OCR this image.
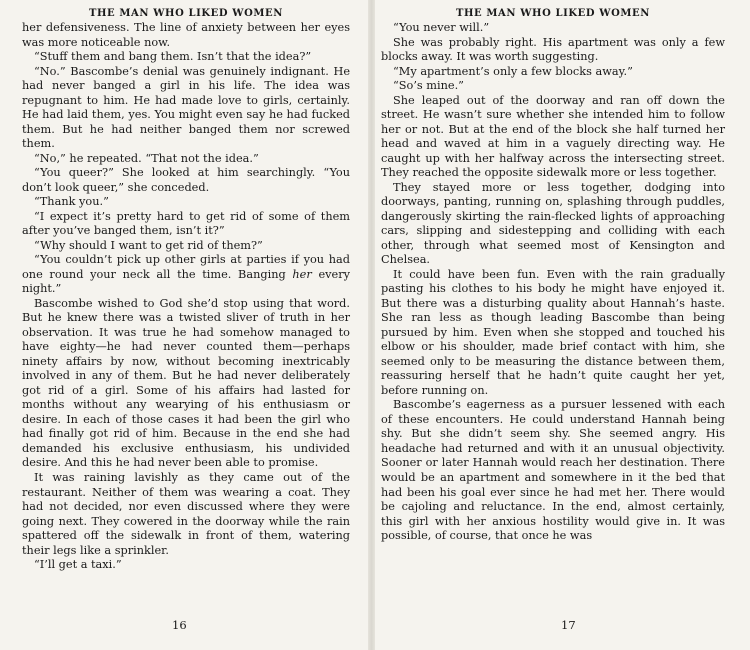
THE MAN WHO LIKED WOMEN

her defensiveness. The line of anxiety between her eyes was more noticeable now.

“Stuff them and bang them. Isn’t that the idea?”

“No.” Bascombe’s denial was genuinely indignant. He had never banged a girl in his life. The idea was repugnant to him. He had made love to girls, certainly. He had laid them, yes. You might even say he had fucked them. But he had neither banged them nor screwed them.

“No,” he repeated. “That not the idea.”

“You queer?” She looked at him searchingly. “You don’t look queer,” she conceded.

“Thank you.”

“I expect it’s pretty hard to get rid of some of them after you’ve banged them, isn’t it?”

“Why should I want to get rid of them?”

“You couldn’t pick up other girls at parties if you had one round your neck all the time. Banging her every night.”

Bascombe wished to God she’d stop using that word. But he knew there was a twisted sliver of truth in her observation. It was true he had somehow managed to have eighty—he had never counted them—perhaps ninety affairs by now, without becoming inextricably involved in any of them. But he had never deliberately got rid of a girl. Some of his affairs had lasted for months without any wearying of his enthusiasm or desire. In each of those cases it had been the girl who had finally got rid of him. Because in the end she had demanded his exclusive enthusiasm, his undivided desire. And this he had never been able to promise.

It was raining lavishly as they came out of the restaurant. Neither of them was wearing a coat. They had not decided, nor even discussed where they were going next. They cowered in the doorway while the rain spattered off the sidewalk in front of them, watering their legs like a sprinkler.

“I’ll get a taxi.”

16
THE MAN WHO LIKED WOMEN

“You never will.”

She was probably right. His apartment was only a few blocks away. It was worth suggesting.

“My apartment’s only a few blocks away.”

“So’s mine.”

She leaped out of the doorway and ran off down the street. He wasn’t sure whether she intended him to follow her or not. But at the end of the block she half turned her head and waved at him in a vaguely directing way. He caught up with her halfway across the intersecting street. They reached the opposite sidewalk more or less together.

They stayed more or less together, dodging into doorways, panting, running on, splashing through puddles, dangerously skirting the rain-flecked lights of approaching cars, slipping and sidestepping and colliding with each other, through what seemed most of Kensington and Chelsea.

It could have been fun. Even with the rain gradually pasting his clothes to his body he might have enjoyed it. But there was a disturbing quality about Hannah’s haste. She ran less as though leading Bascombe than being pursued by him. Even when she stopped and touched his elbow or his shoulder, made brief contact with him, she seemed only to be measuring the distance between them, reassuring herself that he hadn’t quite caught her yet, before running on.

Bascombe’s eagerness as a pursuer lessened with each of these encounters. He could understand Hannah being shy. But she didn’t seem shy. She seemed angry. His headache had returned and with it an unusual objectivity. Sooner or later Hannah would reach her destination. There would be an apartment and somewhere in it the bed that had been his goal ever since he had met her. There would be cajoling and reluctance. In the end, almost certainly, this girl with her anxious hostility would give in. It was possible, of course, that once he was

17
